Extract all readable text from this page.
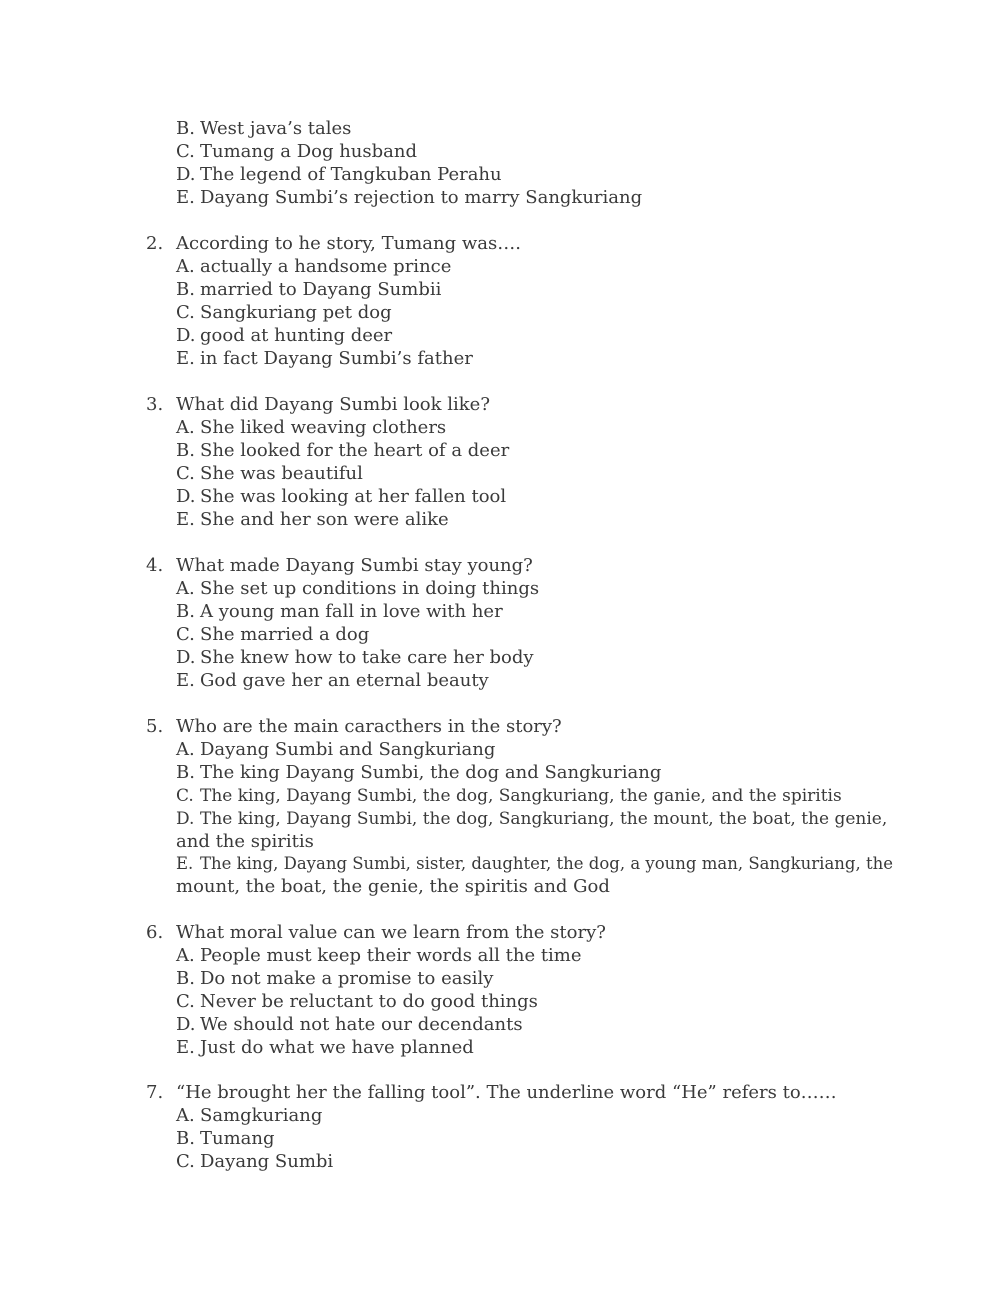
B. West java’s tales
C. Tumang a Dog husband
D. The legend of Tangkuban Perahu
E. Dayang Sumbi’s rejection to marry Sangkuriang
2. According to he story, Tumang was….
A. actually a handsome prince
B. married to Dayang Sumbii
C. Sangkuriang pet dog
D. good at hunting deer
E. in fact Dayang Sumbi’s father
3. What did Dayang Sumbi look like?
A. She liked weaving clothers
B. She looked for the heart of a deer
C. She was beautiful
D. She was looking at her fallen tool
E. She and her son were alike
4. What made Dayang Sumbi stay young?
A. She set up conditions in doing things
B. A young man fall in love with her
C. She married a dog
D. She knew how to take care her body
E. God gave her an eternal beauty
5. Who are the main caracthers in the story?
A. Dayang Sumbi and Sangkuriang
B. The king Dayang Sumbi, the dog and Sangkuriang
C. The king, Dayang Sumbi, the dog, Sangkuriang, the ganie, and the spiritis
D. The king, Dayang Sumbi, the dog, Sangkuriang, the mount, the boat, the genie,
and the spiritis
E. The king, Dayang Sumbi, sister, daughter, the dog, a young man, Sangkuriang, the
mount, the boat, the genie, the spiritis and God
6. What moral value can we learn from the story?
A. People must keep their words all the time
B. Do not make a promise to easily
C. Never be reluctant to do good things
D. We should not hate our decendants
E. Just do what we have planned
7. “He brought her the falling tool”. The underline word “He” refers to……
A. Samgkuriang
B. Tumang
C. Dayang Sumbi
